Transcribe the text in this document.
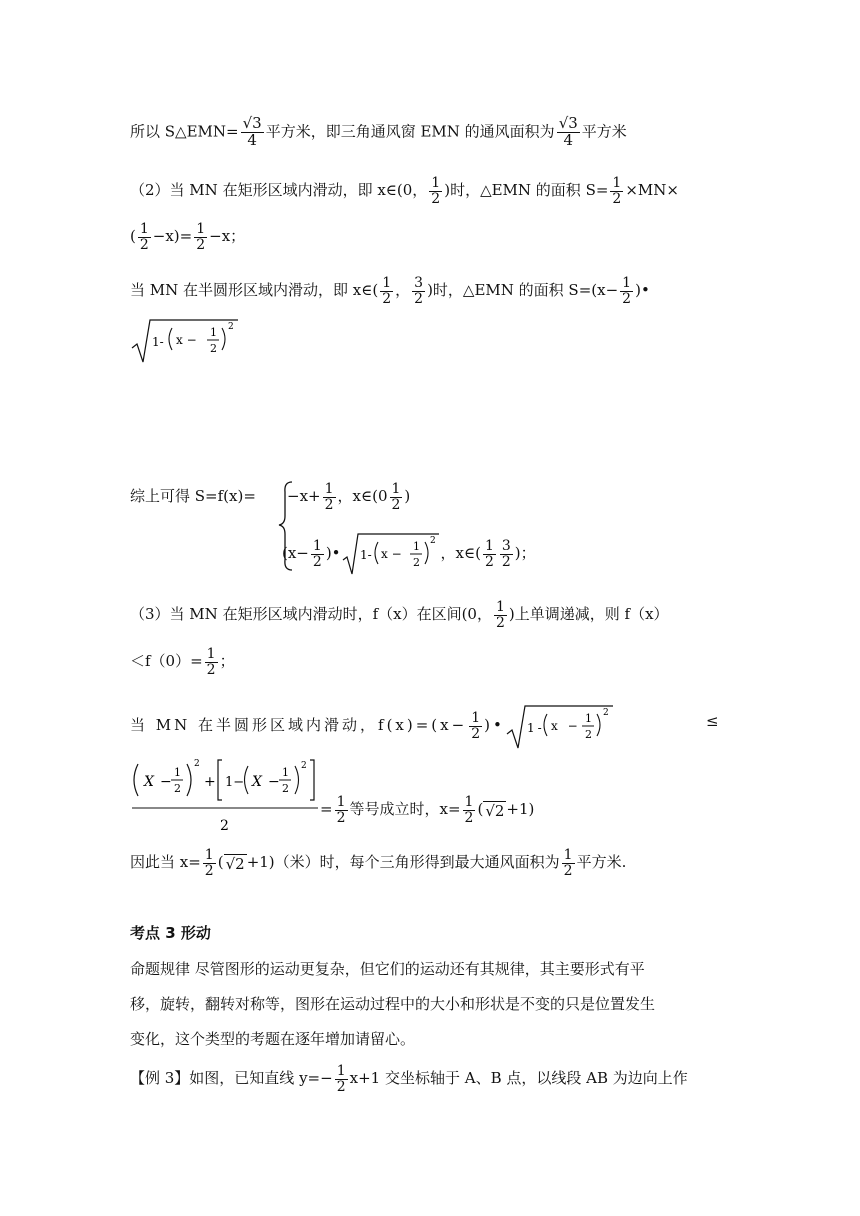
所以 S△EMN= $\frac{√3}{4}$ 平方米，即三角通风窗 EMN 的通风面积为 $\frac{√3}{4}$ 平方米
（2）当 MN 在矩形区域内滑动，即 x∈(0， $\frac{1}{2}$ )时，△EMN 的面积 $S= \frac{1}{2} \times MN\times$
( $\frac{1}{2} -x)= \frac{1}{2} -x$；
当 MN 在半圆形区域内滑动，即 x∈( $\frac{1}{2}$ ， $\frac{3}{2}$ )时，△EMN 的面积 $S=(x- \frac{1}{2}$ )•
1- x −
1
2
2
综上可得 $S=f(x)= -x+ \frac{1}{2}$ ，x∈(0 $\frac{1}{2}$ )
($x- \frac{1}{2}$ )• 1- x −
1
2
2
，x∈( $\frac{1}{2} \frac{3}{2}$ )；
（3）当 MN 在矩形区域内滑动时，f（x）在区间(0， $\frac{1}{2}$ )上单调递减，则 f（x）
$<f(0)= \frac{1}{2}$ ；
当 MN 在半圆形区域内滑动，$f(x)=(x- \frac{1}{2}$ )• 1- x −
1
2
2	≤
X −
1
2
2
+ 1− X −
1
2
2
2
= $\frac{1}{2}$ 等号成立时，$x= \frac{1}{2}$ ( √2 +1)
因此当 $x= \frac{1}{2}$ ( √2 +1)（米）时，每个三角形得到最大通风面积为 $\frac{1}{2}$ 平方米.
考点 3 形动
命题规律 尽管图形的运动更复杂，但它们的运动还有其规律，其主要形式有平
移，旋转，翻转对称等，图形在运动过程中的大小和形状是不变的只是位置发生
变化，这个类型的考题在逐年增加请留心。
【例 3】如图，已知直线 $y=- \frac{1}{2} x+1$ 交坐标轴于 A、B 点，以线段 AB 为边向上作
